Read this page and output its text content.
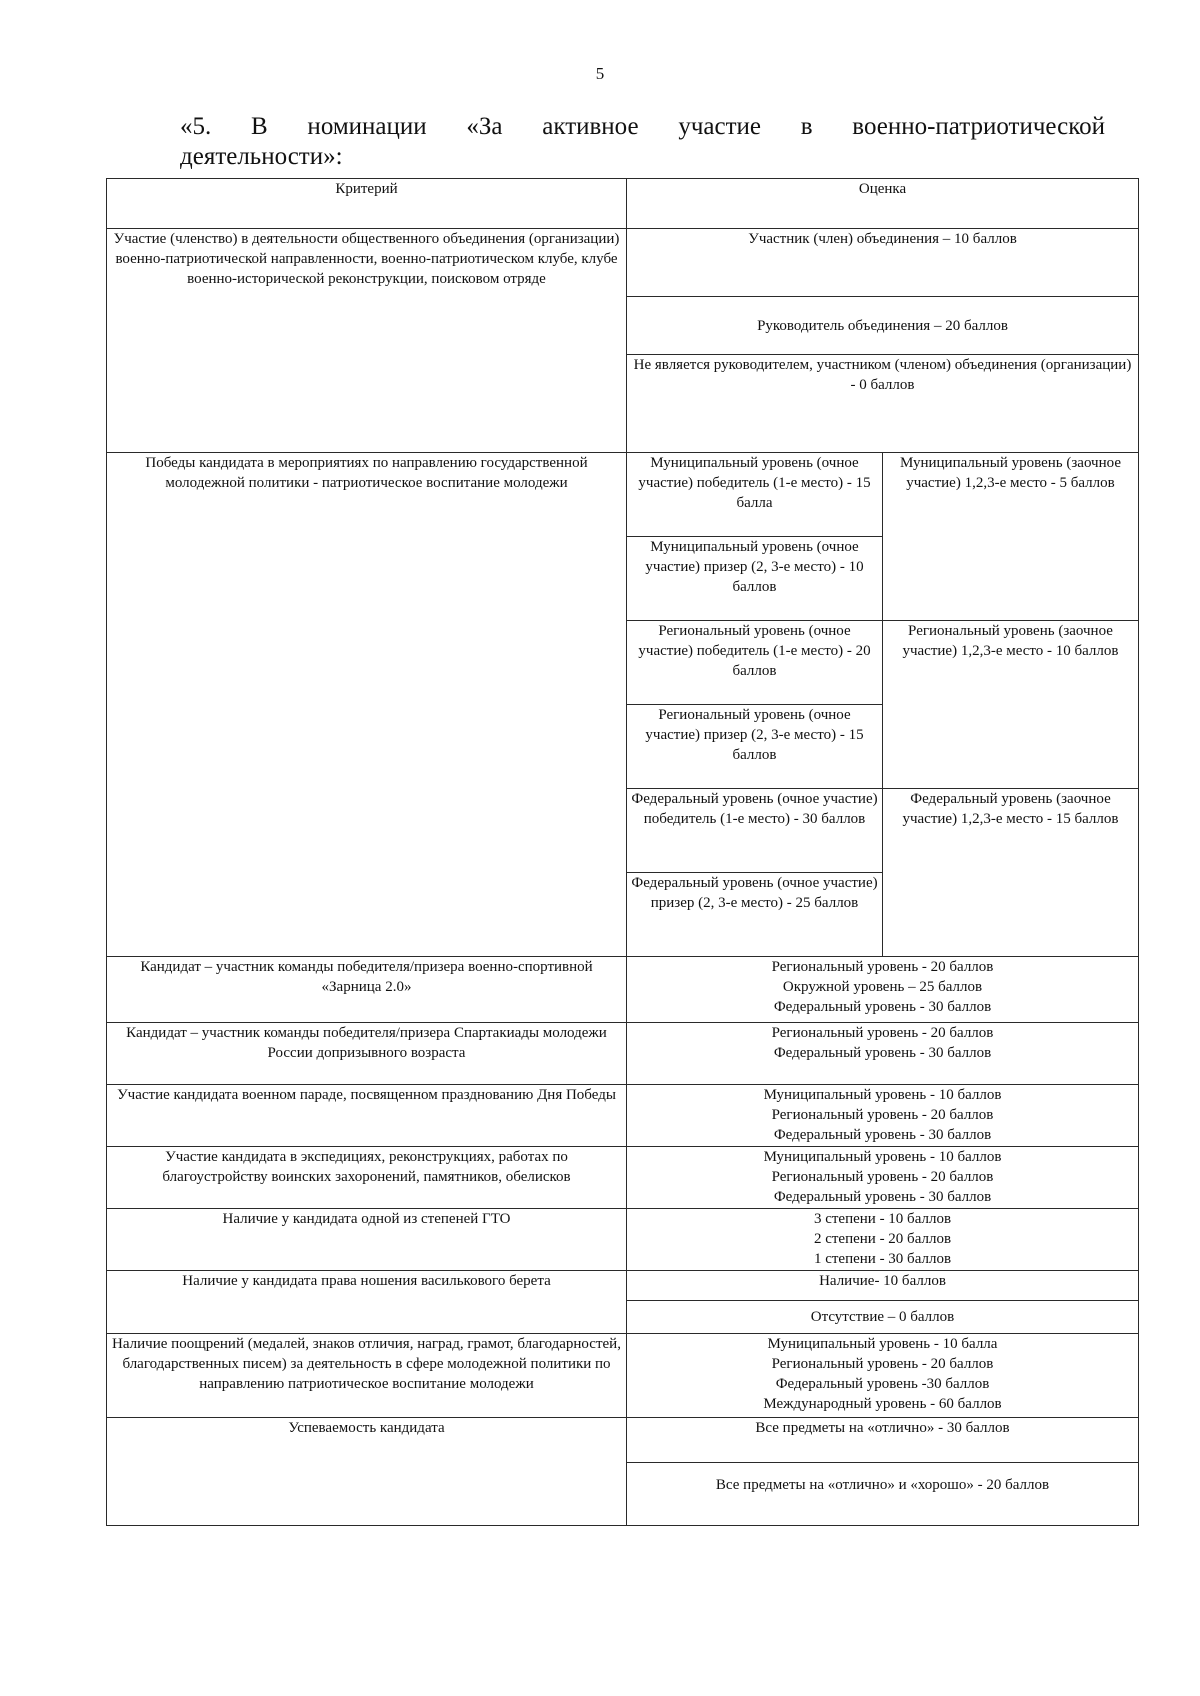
5
«5. В номинации «За активное участие в военно-патриотической
деятельности»:
Критерий	Оценка	
Участие (членство) в деятельности общественного объединения (организации) военно-патриотической направленности, военно-патриотическом клубе, клубе военно-исторической реконструкции, поисковом отряде	Участник (член) объединения – 10 баллов	
	Руководитель объединения – 20 баллов	
	Не является руководителем, участником (членом) объединения (организации) - 0 баллов	
Победы кандидата в мероприятиях по направлению государственной молодежной политики - патриотическое воспитание молодежи	Муниципальный уровень (очное участие) победитель (1-е место) - 15 балла	Муниципальный уровень (заочное участие) 1,2,3-е место - 5 баллов
	Муниципальный уровень (очное участие) призер (2, 3-е место) - 10 баллов	
	Региональный уровень (очное участие) победитель (1-е место) - 20 баллов	Региональный уровень (заочное участие) 1,2,3-е место - 10 баллов
	Региональный уровень (очное участие) призер (2, 3-е место) - 15 баллов	
	Федеральный уровень (очное участие) победитель (1-е место) - 30 баллов	Федеральный уровень (заочное участие) 1,2,3-е место - 15 баллов
	Федеральный уровень (очное участие) призер (2, 3-е место) - 25 баллов	
Кандидат – участник команды победителя/призера военно-спортивной «Зарница 2.0»	Региональный уровень - 20 баллов
Окружной уровень – 25 баллов
Федеральный уровень - 30 баллов	

Кандидат – участник команды победителя/призера Спартакиады молодежи России допризывного возраста	Региональный уровень - 20 баллов
Федеральный уровень - 30 баллов	

Участие кандидата военном параде, посвященном празднованию Дня Победы	Муниципальный уровень - 10 баллов
Региональный уровень - 20 баллов
Федеральный уровень - 30 баллов	

Участие кандидата в экспедициях, реконструкциях, работах по благоустройству воинских захоронений, памятников, обелисков	Муниципальный уровень - 10 баллов
Региональный уровень - 20 баллов
Федеральный уровень - 30 баллов	

Наличие у кандидата одной из степеней ГТО	3 степени - 10 баллов
2 степени - 20 баллов
1 степени - 30 баллов	

Наличие у кандидата права ношения василькового берета	Наличие- 10 баллов	
	Отсутствие – 0 баллов	
Наличие поощрений (медалей, знаков отличия, наград, грамот, благодарностей, благодарственных писем) за деятельность в сфере молодежной политики по направлению патриотическое воспитание молодежи	Муниципальный уровень - 10 балла
Региональный уровень - 20 баллов
Федеральный уровень -30 баллов
Международный уровень - 60 баллов	

Успеваемость кандидата	Все предметы на «отлично» - 30 баллов	
	Все предметы на «отлично» и «хорошо» - 20 баллов	
